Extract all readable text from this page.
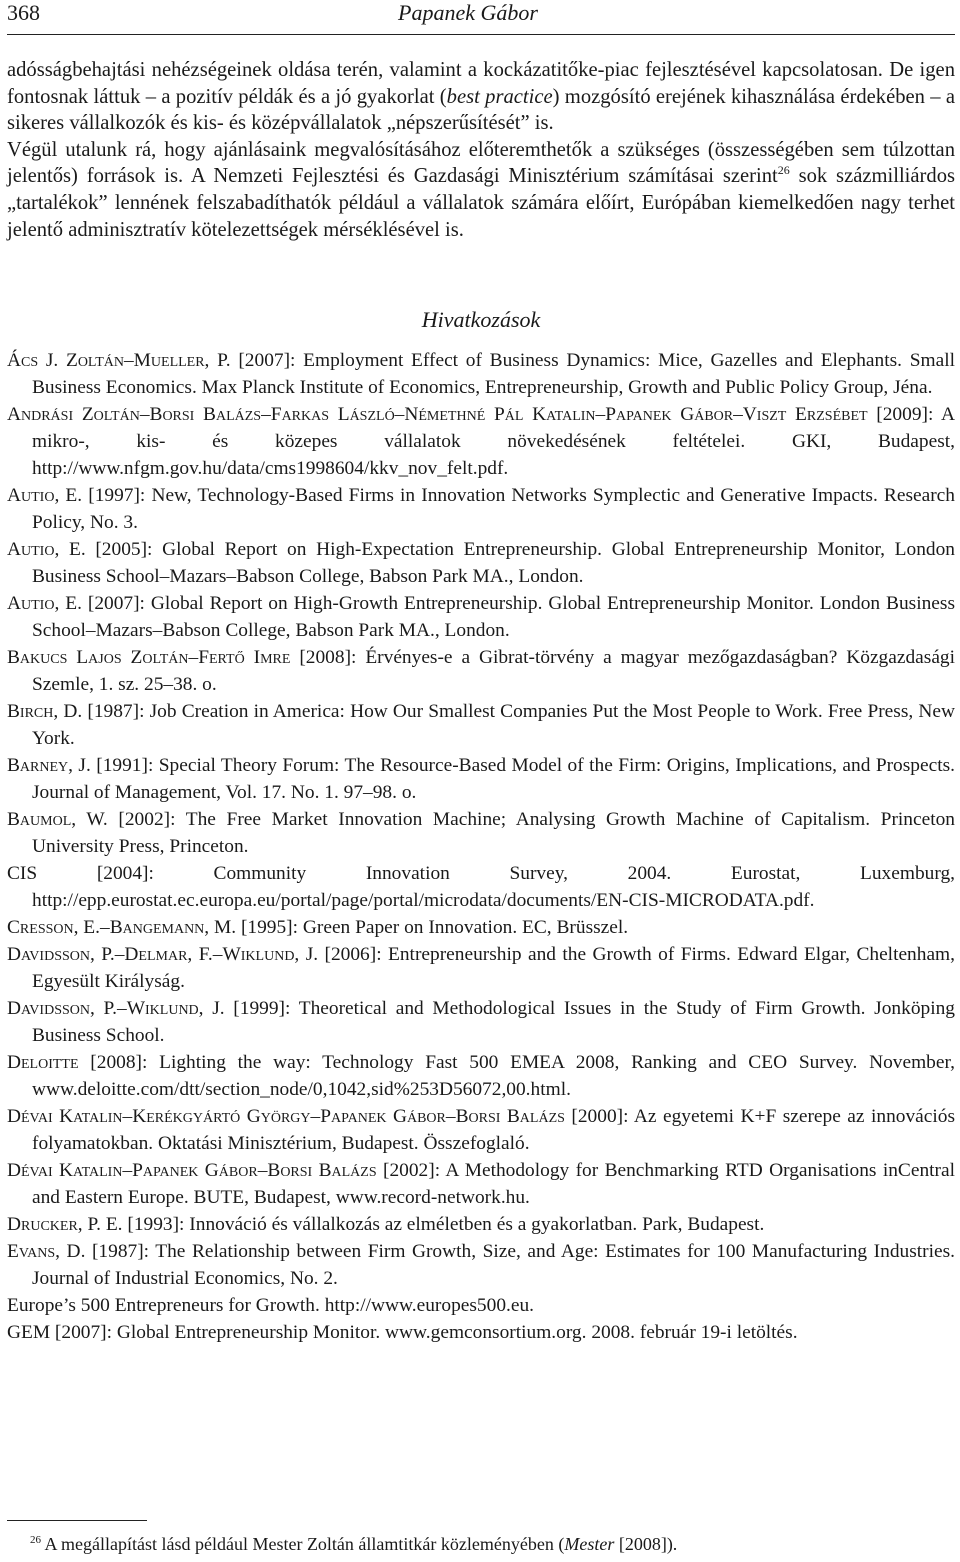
368	Papanek Gábor

adósságbehajtási nehézségeinek oldása terén, valamint a kockázatitőke-piac fejlesztésével kapcsolatosan. De igen fontosnak láttuk – a pozitív példák és a jó gyakorlat (best practice) mozgósító erejének kihasználása érdekében – a sikeres vállalkozók és kis- és középvállalatok „népszerűsítését” is.

Végül utalunk rá, hogy ajánlásaink megvalósításához előteremthetők a szükséges (összességében sem túlzottan jelentős) források is. A Nemzeti Fejlesztési és Gazdasági Minisztérium számításai szerint$^{26}$ sok százmilliárdos „tartalékok” lennének felszabadíthatók például a vállalatok számára előírt, Európában kiemelkedően nagy terhet jelentő adminisztratív kötelezettségek mérséklésével is.

Hivatkozások

Ács J. Zoltán–Mueller, P. [2007]: Employment Effect of Business Dynamics: Mice, Gazelles and Elephants. Small Business Economics. Max Planck Institute of Economics, Entrepreneurship, Growth and Public Policy Group, Jéna.

Andrási Zoltán–Borsi Balázs–Farkas László–Némethné Pál Katalin–Papanek Gábor–Viszt Erzsébet [2009]: A mikro-, kis- és közepes vállalatok növekedésének feltételei. GKI, Budapest, http://www.nfgm.gov.hu/data/cms1998604/kkv_nov_felt.pdf.

Autio, E. [1997]: New, Technology-Based Firms in Innovation Networks Symplectic and Generative Impacts. Research Policy, No. 3.

Autio, E. [2005]: Global Report on High-Expectation Entrepreneurship. Global Entrepreneurship Monitor, London Business School–Mazars–Babson College, Babson Park MA., London.

Autio, E. [2007]: Global Report on High-Growth Entrepreneurship. Global Entrepreneurship Monitor. London Business School–Mazars–Babson College, Babson Park MA., London.

Bakucs Lajos Zoltán–Fertő Imre [2008]: Érvényes-e a Gibrat-törvény a magyar mezőgazdaságban? Közgazdasági Szemle, 1. sz. 25–38. o.

Birch, D. [1987]: Job Creation in America: How Our Smallest Companies Put the Most People to Work. Free Press, New York.

Barney, J. [1991]: Special Theory Forum: The Resource-Based Model of the Firm: Origins, Implications, and Prospects. Journal of Management, Vol. 17. No. 1. 97–98. o.

Baumol, W. [2002]: The Free Market Innovation Machine; Analysing Growth Machine of Capitalism. Princeton University Press, Princeton.

CIS [2004]: Community Innovation Survey, 2004. Eurostat, Luxemburg, http://epp.eurostat.ec.europa.eu/portal/page/portal/microdata/documents/EN-CIS-MICRODATA.pdf.

Cresson, E.–Bangemann, M. [1995]: Green Paper on Innovation. EC, Brüsszel.

Davidsson, P.–Delmar, F.–Wiklund, J. [2006]: Entrepreneurship and the Growth of Firms. Edward Elgar, Cheltenham, Egyesült Királyság.

Davidsson, P.–Wiklund, J. [1999]: Theoretical and Methodological Issues in the Study of Firm Growth. Jonköping Business School.

Deloitte [2008]: Lighting the way: Technology Fast 500 EMEA 2008, Ranking and CEO Survey. November, www.deloitte.com/dtt/section_node/0,1042,sid%253D56072,00.html.

Dévai Katalin–Kerékgyártó György–Papanek Gábor–Borsi Balázs [2000]: Az egyetemi K+F szerepe az innovációs folyamatokban. Oktatási Minisztérium, Budapest. Összefoglaló.

Dévai Katalin–Papanek Gábor–Borsi Balázs [2002]: A Methodology for Benchmarking RTD Organisations inCentral and Eastern Europe. BUTE, Budapest, www.record-network.hu.

Drucker, P. E. [1993]: Innováció és vállalkozás az elméletben és a gyakorlatban. Park, Budapest.

Evans, D. [1987]: The Relationship between Firm Growth, Size, and Age: Estimates for 100 Manufacturing Industries. Journal of Industrial Economics, No. 2.

Europe’s 500 Entrepreneurs for Growth. http://www.europes500.eu.

GEM [2007]: Global Entrepreneurship Monitor. www.gemconsortium.org. 2008. február 19-i letöltés.

$^{26}$ A megállapítást lásd például Mester Zoltán államtitkár közleményében (Mester [2008]).
